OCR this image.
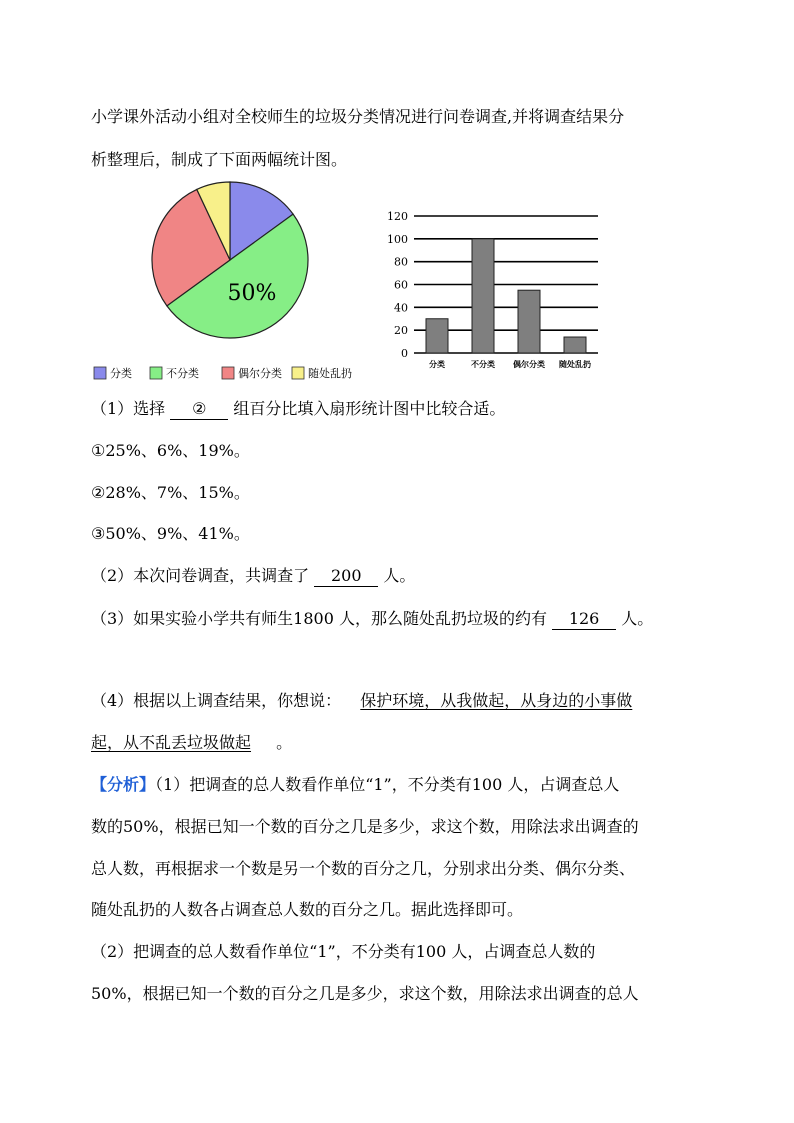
小学课外活动小组对全校师生的垃圾分类情况进行问卷调查,并将调查结果分
析整理后，制成了下面两幅统计图。
50%
分类	不分类	偶尔分类 随处乱扔
0
20
40
60
80
100
120
分类	不分类 偶尔分类 随处乱扔
（1）选择 ② 组百分比填入扇形统计图中比较合适。
①25%、6%、19%。
②28%、7%、15%。
③50%、9%、41%。
（2）本次问卷调查，共调查了 200 人。
（3）如果实验小学共有师生1800 人，那么随处乱扔垃圾的约有 126 人。
（4）根据以上调查结果，你想说： 保护环境，从我做起，从身边的小事做
起，从不乱丢垃圾做起 。
【分析】（1）把调查的总人数看作单位“1”，不分类有100 人，占调查总人
数的50%，根据已知一个数的百分之几是多少，求这个数，用除法求出调查的
总人数，再根据求一个数是另一个数的百分之几，分别求出分类、偶尔分类、
随处乱扔的人数各占调查总人数的百分之几。据此选择即可。
（2）把调查的总人数看作单位“1”，不分类有100 人，占调查总人数的
50%，根据已知一个数的百分之几是多少，求这个数，用除法求出调查的总人
